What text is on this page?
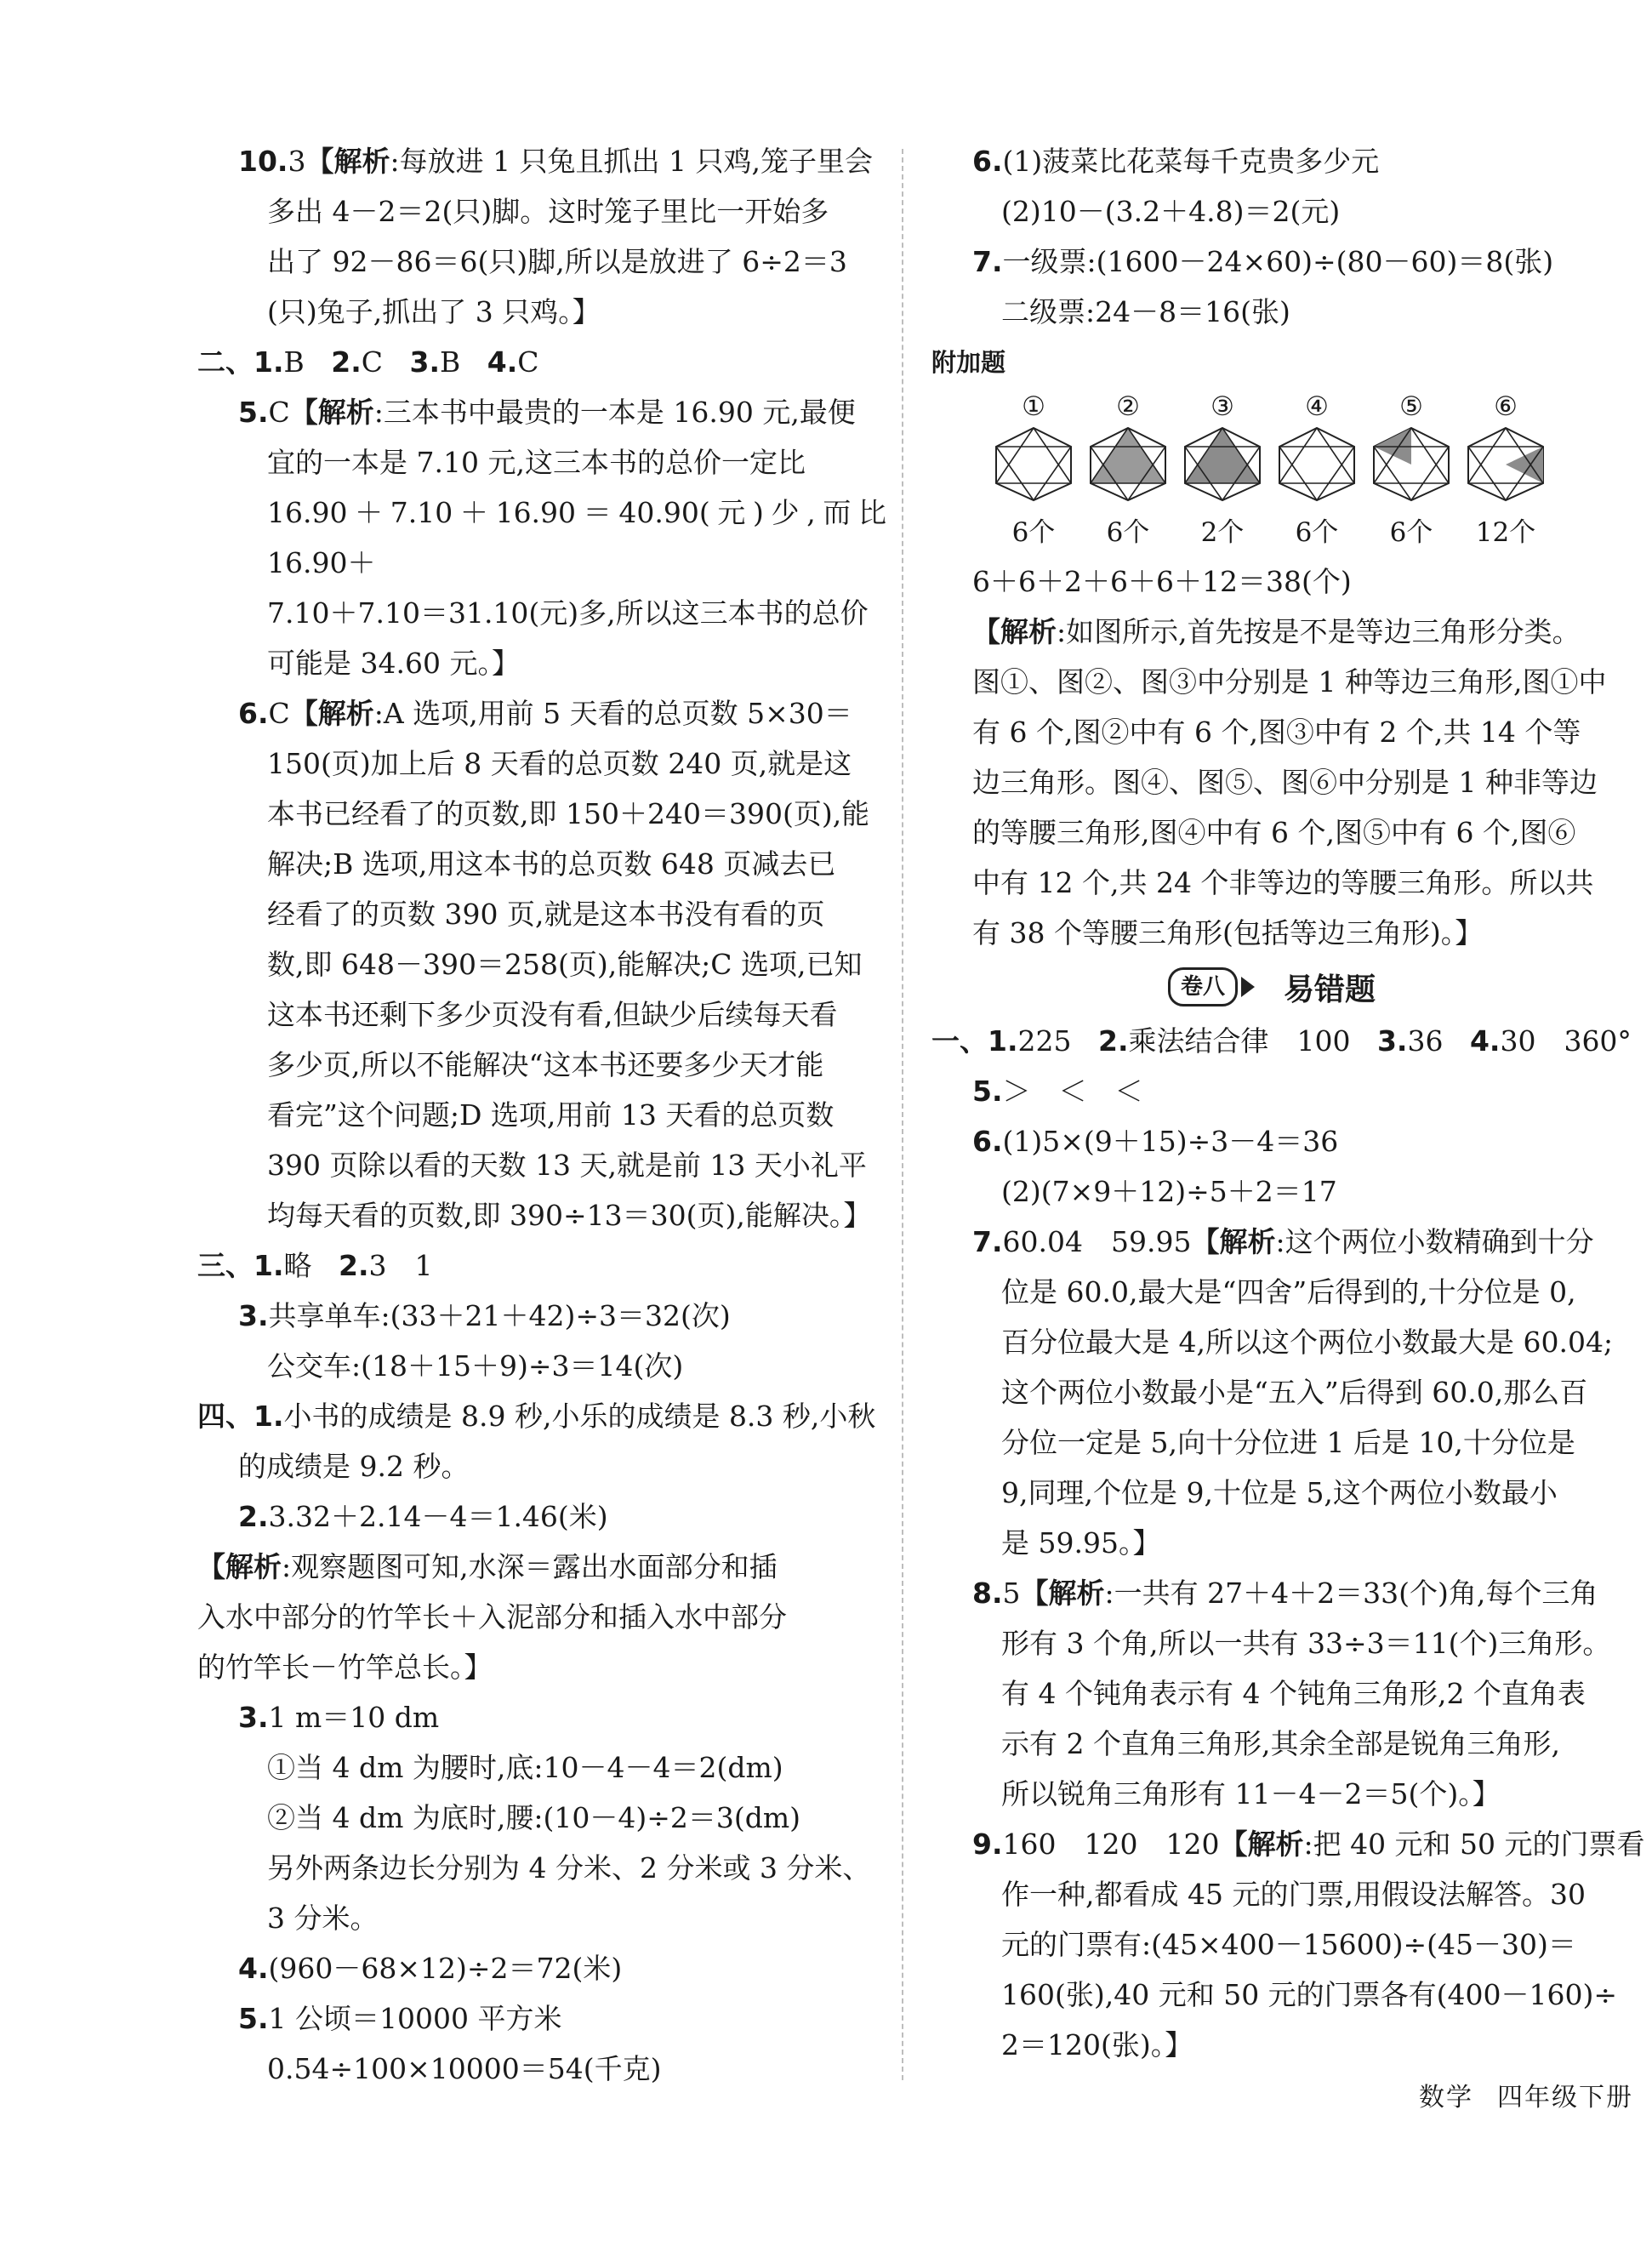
10.3【解析:每放进 1 只兔且抓出 1 只鸡,笼子里会

多出 4－2＝2(只)脚。这时笼子里比一开始多

出了 92－86＝6(只)脚,所以是放进了 6÷2＝3

(只)兔子,抓出了 3 只鸡。】

二、1.B 2.C 3.B 4.C

5.C【解析:三本书中最贵的一本是 16.90 元,最便

宜的一本是 7.10 元,这三本书的总价一定比

16.90＋7.10＋16.90＝40.90(元)少,而比 16.90＋

7.10＋7.10＝31.10(元)多,所以这三本书的总价

可能是 34.60 元。】

6.C【解析:A 选项,用前 5 天看的总页数 5×30＝

150(页)加上后 8 天看的总页数 240 页,就是这

本书已经看了的页数,即 150＋240＝390(页),能

解决;B 选项,用这本书的总页数 648 页减去已

经看了的页数 390 页,就是这本书没有看的页

数,即 648－390＝258(页),能解决;C 选项,已知

这本书还剩下多少页没有看,但缺少后续每天看

多少页,所以不能解决“这本书还要多少天才能

看完”这个问题;D 选项,用前 13 天看的总页数

390 页除以看的天数 13 天,就是前 13 天小礼平

均每天看的页数,即 390÷13＝30(页),能解决。】

三、1.略 2.3　1

3.共享单车:(33＋21＋42)÷3＝32(次)

公交车:(18＋15＋9)÷3＝14(次)

四、1.小书的成绩是 8.9 秒,小乐的成绩是 8.3 秒,小秋

的成绩是 9.2 秒。

2.3.32＋2.14－4＝1.46(米)

【解析:观察题图可知,水深＝露出水面部分和插

入水中部分的竹竿长＋入泥部分和插入水中部分

的竹竿长－竹竿总长。】

3.1 m＝10 dm

①当 4 dm 为腰时,底:10－4－4＝2(dm)

②当 4 dm 为底时,腰:(10－4)÷2＝3(dm)

另外两条边长分别为 4 分米、2 分米或 3 分米、

3 分米。

4.(960－68×12)÷2＝72(米)

5.1 公顷＝10000 平方米

0.54÷100×10000＝54(千克)

6.(1)菠菜比花菜每千克贵多少元

(2)10－(3.2＋4.8)＝2(元)

7.一级票:(1600－24×60)÷(80－60)＝8(张)

二级票:24－8＝16(张)

附加题
①
6个
②
6个
③
2个
④
6个
⑤
6个
⑥
12个

6＋6＋2＋6＋6＋12＝38(个)

【解析:如图所示,首先按是不是等边三角形分类。

图①、图②、图③中分别是 1 种等边三角形,图①中

有 6 个,图②中有 6 个,图③中有 2 个,共 14 个等

边三角形。图④、图⑤、图⑥中分别是 1 种非等边

的等腰三角形,图④中有 6 个,图⑤中有 6 个,图⑥

中有 12 个,共 24 个非等边的等腰三角形。所以共

有 38 个等腰三角形(包括等边三角形)。】

卷八	易错题

一、1.225 2.乘法结合律　100 3.36 4.30　360°

5.＞　＜　＜

6.(1)5×(9＋15)÷3－4＝36

(2)(7×9＋12)÷5＋2＝17

7.60.04　59.95【解析:这个两位小数精确到十分

位是 60.0,最大是“四舍”后得到的,十分位是 0,

百分位最大是 4,所以这个两位小数最大是 60.04;

这个两位小数最小是“五入”后得到 60.0,那么百

分位一定是 5,向十分位进 1 后是 10,十分位是

9,同理,个位是 9,十位是 5,这个两位小数最小

是 59.95。】

8.5【解析:一共有 27＋4＋2＝33(个)角,每个三角

形有 3 个角,所以一共有 33÷3＝11(个)三角形。

有 4 个钝角表示有 4 个钝角三角形,2 个直角表

示有 2 个直角三角形,其余全部是锐角三角形,

所以锐角三角形有 11－4－2＝5(个)。】

9.160　120　120【解析:把 40 元和 50 元的门票看

作一种,都看成 45 元的门票,用假设法解答。30

元的门票有:(45×400－15600)÷(45－30)＝

160(张),40 元和 50 元的门票各有(400－160)÷

2＝120(张)。】

数学 四年级下册
